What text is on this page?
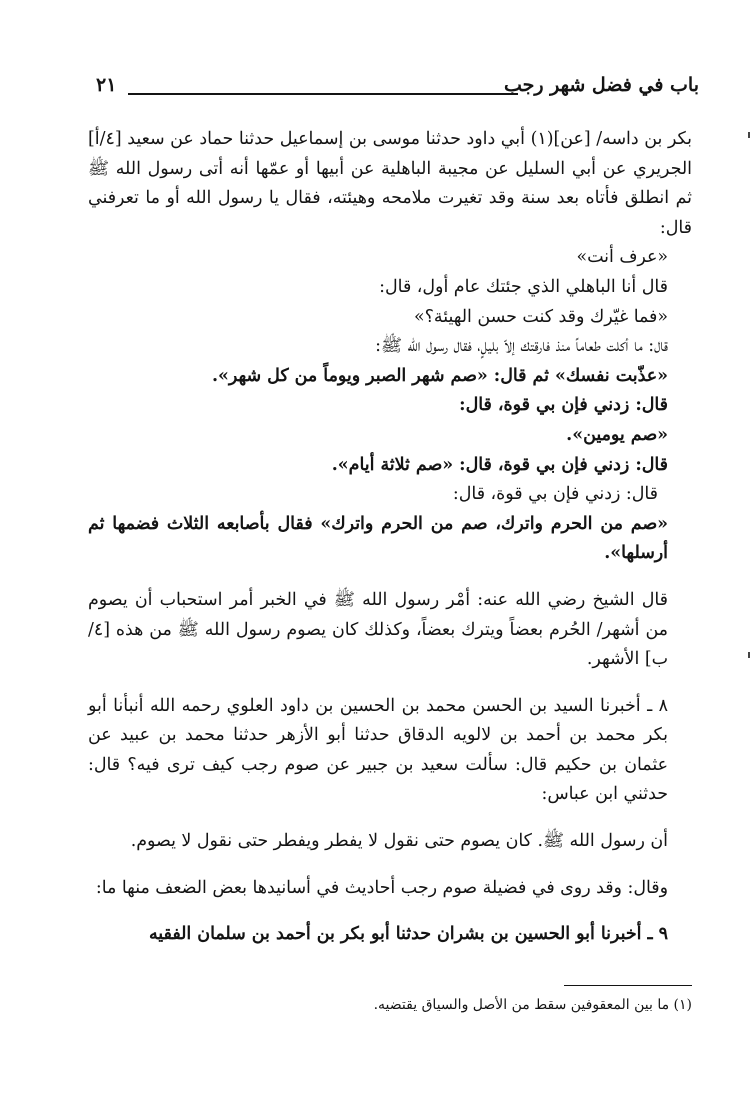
باب في فضل شهر رجب
٢١

بكر بن داسه/ [عن](١) أبي داود حدثنا موسى بن إسماعيل حدثنا حماد عن سعيد [٤/أ] الجريري عن أبي السليل عن مجيبة الباهلية عن أبيها أو عمّها أنه أتى رسول الله ﷺ ثم انطلق فأتاه بعد سنة وقد تغيرت ملامحه وهيئته، فقال يا رسول الله أو ما تعرفني قال:

«عرف أنت»

قال أنا الباهلي الذي جئتك عام أول، قال:

«فما غيّرك وقد كنت حسن الهيئة؟»

قال: ما أكلت طعاماً منذ فارقتك إلاّ بليلٍ، فقال رسول الله ﷺ:

«عذّبت نفسك» ثم قال: «صم شهر الصبر ويوماً من كل شهر».

قال: زدني فإن بي قوة، قال:

«صم يومين».

قال: زدني فإن بي قوة، قال: «صم ثلاثة أيام».

قال: زدني فإن بي قوة، قال:

«صم من الحرم واترك، صم من الحرم واترك» فقال بأصابعه الثلاث فضمها ثم أرسلها».

قال الشيخ رضي الله عنه: أمْر رسول الله ﷺ في الخبر أمر استحباب أن يصوم من أشهر/ الحُرم بعضاً ويترك بعضاً، وكذلك كان يصوم رسول الله ﷺ من هذه [٤/ب] الأشهر.

٨ ـ أخبرنا السيد بن الحسن محمد بن الحسين بن داود العلوي رحمه الله أنبأنا أبو بكر محمد بن أحمد بن لالويه الدقاق حدثنا أبو الأزهر حدثنا محمد بن عبيد عن عثمان بن حكيم قال: سألت سعيد بن جبير عن صوم رجب كيف ترى فيه؟ قال: حدثني ابن عباس:

أن رسول الله ﷺ. كان يصوم حتى نقول لا يفطر ويفطر حتى نقول لا يصوم.

وقال: وقد روى في فضيلة صوم رجب أحاديث في أسانيدها بعض الضعف منها ما:

٩ ـ أخبرنا أبو الحسين بن بشران حدثنا أبو بكر بن أحمد بن سلمان الفقيه

(١) ما بين المعقوفين سقط من الأصل والسياق يقتضيه.
